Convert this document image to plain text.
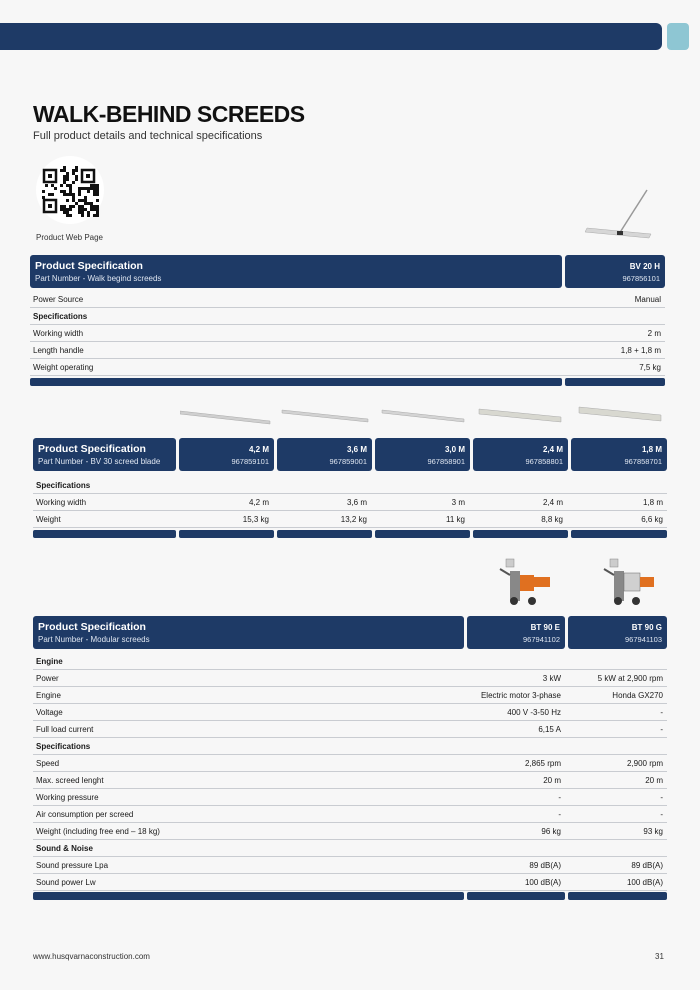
WALK-BEHIND SCREEDS
Full product details and technical specifications
Product Web Page
Product Specification
Part Number - Walk begind screeds
BV 20 H
967856101
Power Source	Manual
Specifications
Working width	2 m
Length handle	1,8 + 1,8 m
Weight operating	7,5 kg
Product Specification
Part Number - BV 30 screed blade
4,2 M
967859101
3,6 M
967859001
3,0 M
967858901
2,4 M
967858801
1,8 M
967858701
Specifications
Working width	4,2 m	3,6 m	3 m	2,4 m	1,8 m
Weight	15,3 kg	13,2 kg	11 kg	8,8 kg	6,6 kg
Product Specification
Part Number - Modular screeds
BT 90 E
967941102
BT 90 G
967941103
Engine
Power	3 kW	5 kW at 2,900 rpm
Engine	Electric motor 3-phase	Honda GX270
Voltage	400 V -3-50 Hz	-
Full load current	6,15 A	-
Specifications
Speed	2,865 rpm	2,900 rpm
Max. screed lenght	20 m	20 m
Working pressure	-	-
Air consumption per screed	-	-
Weight (including free end – 18 kg)	96 kg	93 kg
Sound & Noise
Sound pressure Lpa	89 dB(A)	89 dB(A)
Sound power Lw	100 dB(A)	100 dB(A)
www.husqvarnaconstruction.com	31
